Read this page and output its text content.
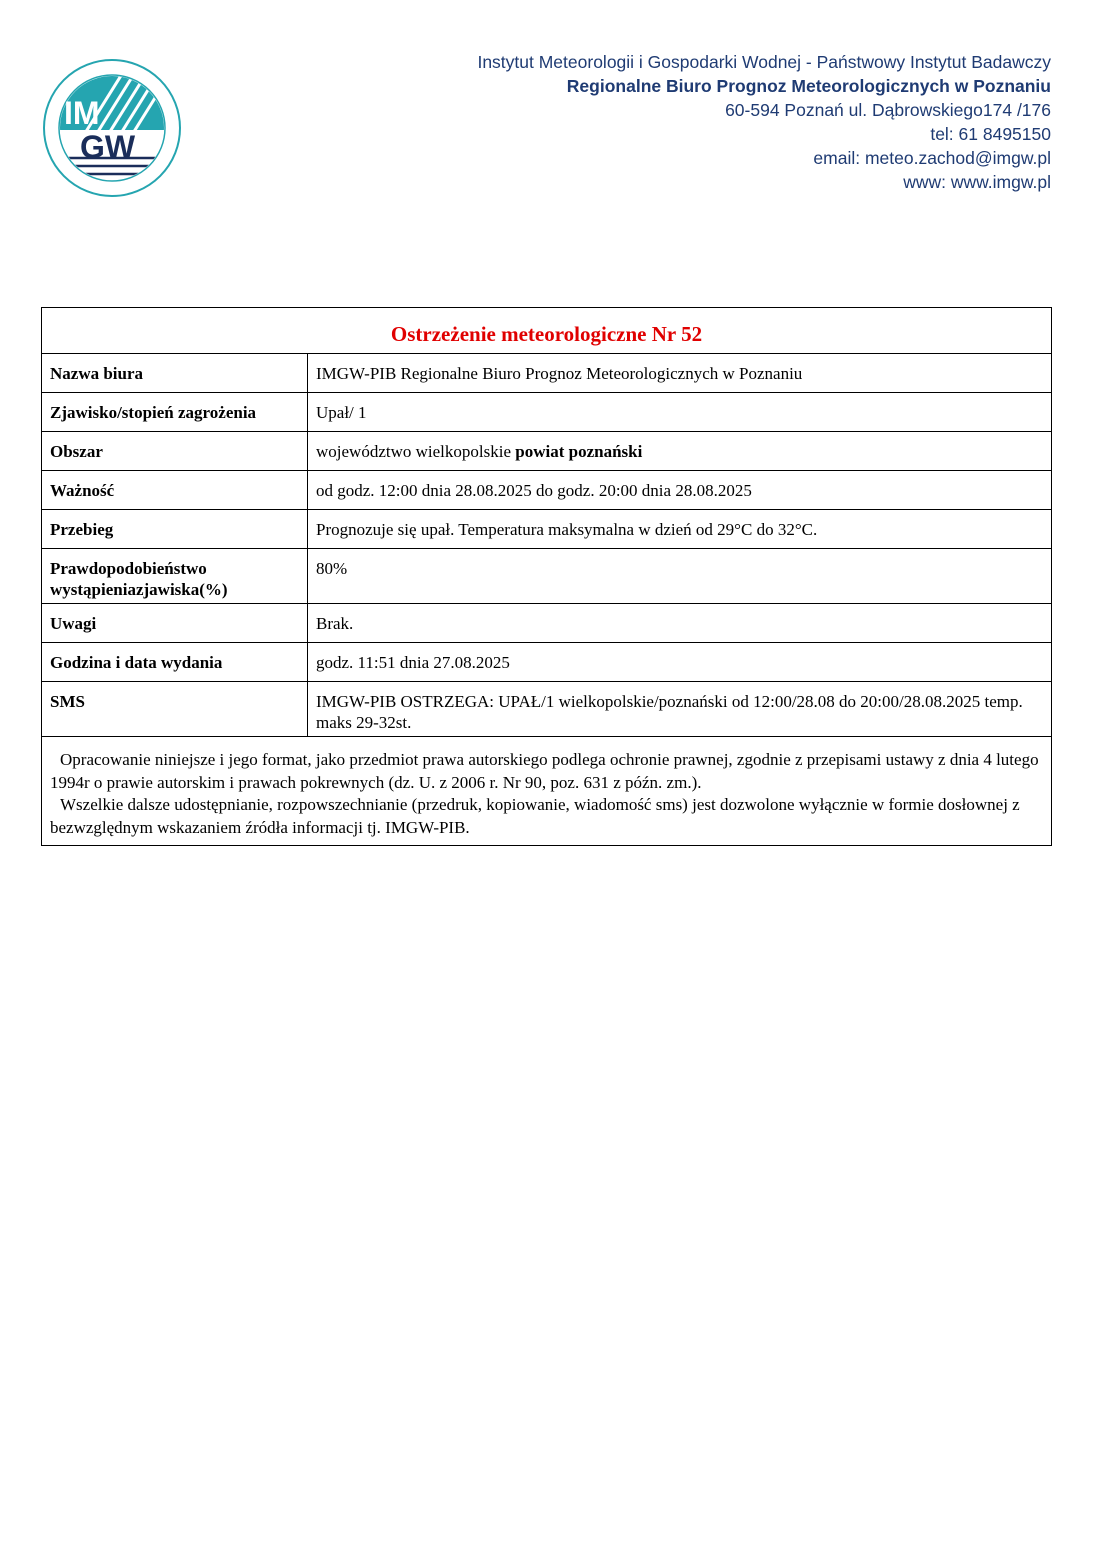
IM
GW
Instytut Meteorologii i Gospodarki Wodnej - Państwowy Instytut Badawczy
Regionalne Biuro Prognoz Meteorologicznych w Poznaniu
60-594 Poznań ul. Dąbrowskiego174 /176
tel: 61 8495150
email: meteo.zachod@imgw.pl
www: www.imgw.pl
Ostrzeżenie meteorologiczne Nr 52	
Nazwa biura	IMGW-PIB Regionalne Biuro Prognoz Meteorologicznych w Poznaniu
Zjawisko/stopień zagrożenia	Upał/ 1
Obszar	województwo wielkopolskie powiat poznański
Ważność	od godz. 12:00 dnia 28.08.2025 do godz. 20:00 dnia 28.08.2025
Przebieg	Prognozuje się upał. Temperatura maksymalna w dzień od 29°C do 32°C.
Prawdopodobieństwo wystąpieniazjawiska(%)	80%
Uwagi	Brak.
Godzina i data wydania	godz. 11:51 dnia 27.08.2025
SMS	IMGW-PIB OSTRZEGA: UPAŁ/1 wielkopolskie/poznański od 12:00/28.08 do 20:00/28.08.2025 temp. maks 29-32st.

Opracowanie niniejsze i jego format, jako przedmiot prawa autorskiego podlega ochronie prawnej, zgodnie z przepisami ustawy z dnia 4 lutego 1994r o prawie autorskim i prawach pokrewnych (dz. U. z 2006 r. Nr 90, poz. 631 z późn. zm.).

Wszelkie dalsze udostępnianie, rozpowszechnianie (przedruk, kopiowanie, wiadomość sms) jest dozwolone wyłącznie w formie dosłownej z bezwzględnym wskazaniem źródła informacji tj. IMGW-PIB.	
